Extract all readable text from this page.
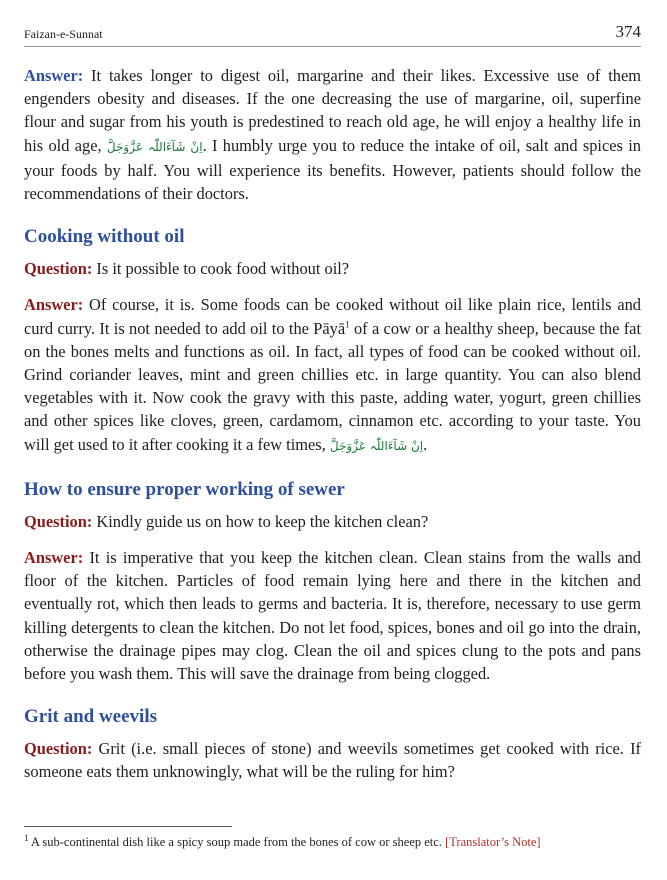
Faizan-e-Sunnat	374

Answer: It takes longer to digest oil, margarine and their likes. Excessive use of them engenders obesity and diseases. If the one decreasing the use of margarine, oil, superfine flour and sugar from his youth is predestined to reach old age, he will enjoy a healthy life in his old age, اِنْ شَآءَاللّٰہ عَزَّوَجَلَّ. I humbly urge you to reduce the intake of oil, salt and spices in your foods by half. You will experience its benefits. However, patients should follow the recommendations of their doctors.

Cooking without oil

Question: Is it possible to cook food without oil?

Answer: Of course, it is. Some foods can be cooked without oil like plain rice, lentils and curd curry. It is not needed to add oil to the Pāyā$^1$ of a cow or a healthy sheep, because the fat on the bones melts and functions as oil. In fact, all types of food can be cooked without oil. Grind coriander leaves, mint and green chillies etc. in large quantity. You can also blend vegetables with it. Now cook the gravy with this paste, adding water, yogurt, green chillies and other spices like cloves, green, cardamom, cinnamon etc. according to your taste. You will get used to it after cooking it a few times, اِنْ شَآءَاللّٰہ عَزَّوَجَلَّ.

How to ensure proper working of sewer

Question: Kindly guide us on how to keep the kitchen clean?

Answer: It is imperative that you keep the kitchen clean. Clean stains from the walls and floor of the kitchen. Particles of food remain lying here and there in the kitchen and eventually rot, which then leads to germs and bacteria. It is, therefore, necessary to use germ killing detergents to clean the kitchen. Do not let food, spices, bones and oil go into the drain, otherwise the drainage pipes may clog. Clean the oil and spices clung to the pots and pans before you wash them. This will save the drainage from being clogged.

Grit and weevils

Question: Grit (i.e. small pieces of stone) and weevils sometimes get cooked with rice. If someone eats them unknowingly, what will be the ruling for him?

$^1$ A sub-continental dish like a spicy soup made from the bones of cow or sheep etc. [Translator’s Note]
